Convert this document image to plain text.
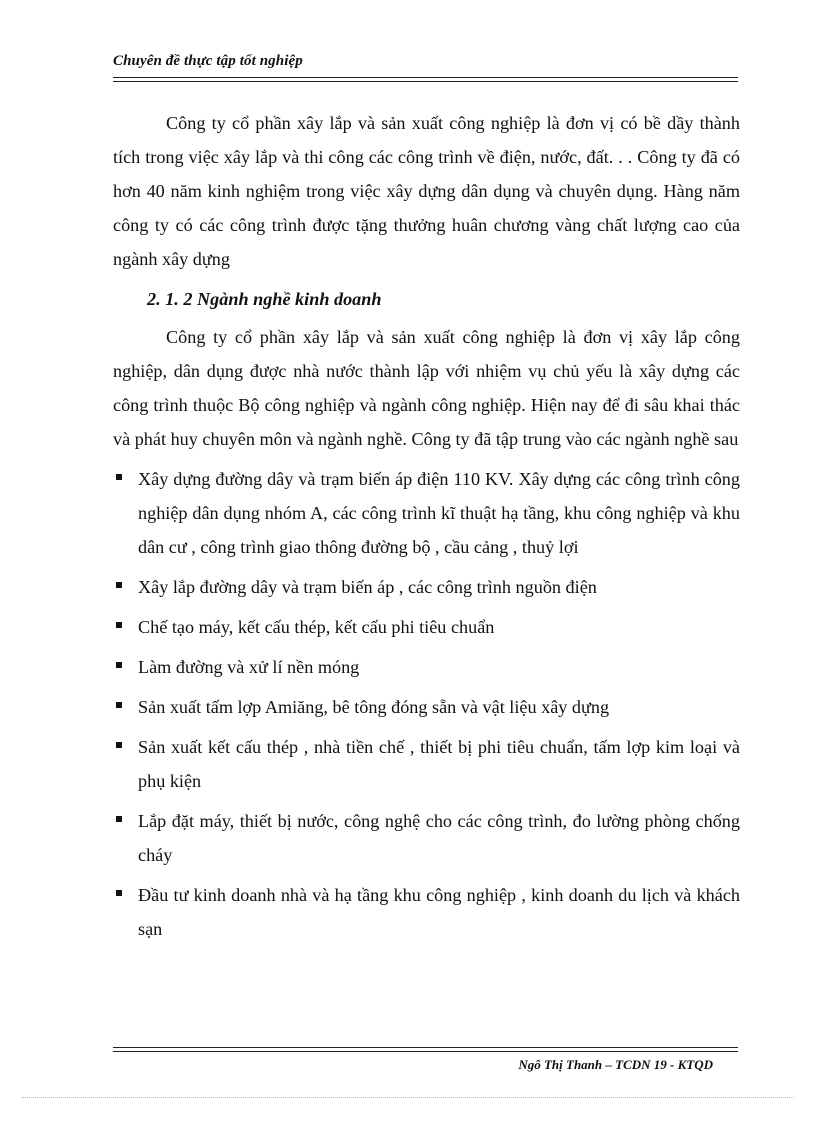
Chuyên đề thực tập tốt nghiệp

Công ty cổ phần xây lắp và sản xuất công nghiệp là đơn vị có bề dầy thành tích trong việc xây lắp và thi công các công trình về điện, nước, đất. . . Công ty đã có hơn 40 năm kinh nghiệm trong việc xây dựng dân dụng và chuyên dụng. Hàng năm công ty có các công trình được tặng thưởng huân chương vàng chất lượng cao của ngành xây dựng

2. 1. 2 Ngành nghề kinh doanh

Công ty cổ phần xây lắp và sản xuất công nghiệp là đơn vị xây lắp công nghiệp, dân dụng được nhà nước thành lập với nhiệm vụ chủ yếu là xây dựng các công trình thuộc Bộ công nghiệp và ngành công nghiệp. Hiện nay để đi sâu khai thác và phát huy chuyên môn và ngành nghề. Công ty đã tập trung vào các ngành nghề sau

Xây dựng đường dây và trạm biến áp điện 110 KV. Xây dựng các công trình công nghiệp dân dụng nhóm A, các công trình kĩ thuật hạ tầng, khu công nghiệp và khu dân cư , công trình giao thông đường bộ , cầu cảng , thuỷ lợi
Xây lắp đường dây và trạm biến áp , các công trình nguồn điện
Chế tạo máy, kết cấu thép, kết cấu phi tiêu chuẩn
Làm đường và xử lí nền móng
Sản xuất tấm lợp Amiăng, bê tông đóng sẵn và vật liệu xây dựng
Sản xuất kết cấu thép , nhà tiền chế , thiết bị phi tiêu chuẩn, tấm lợp kim loại và phụ kiện
Lắp đặt máy, thiết bị nước, công nghệ cho các công trình, đo lường phòng chống cháy
Đầu tư kinh doanh nhà và hạ tầng khu công nghiệp , kinh doanh du lịch và khách sạn
Ngô Thị Thanh – TCDN 19 - KTQD
